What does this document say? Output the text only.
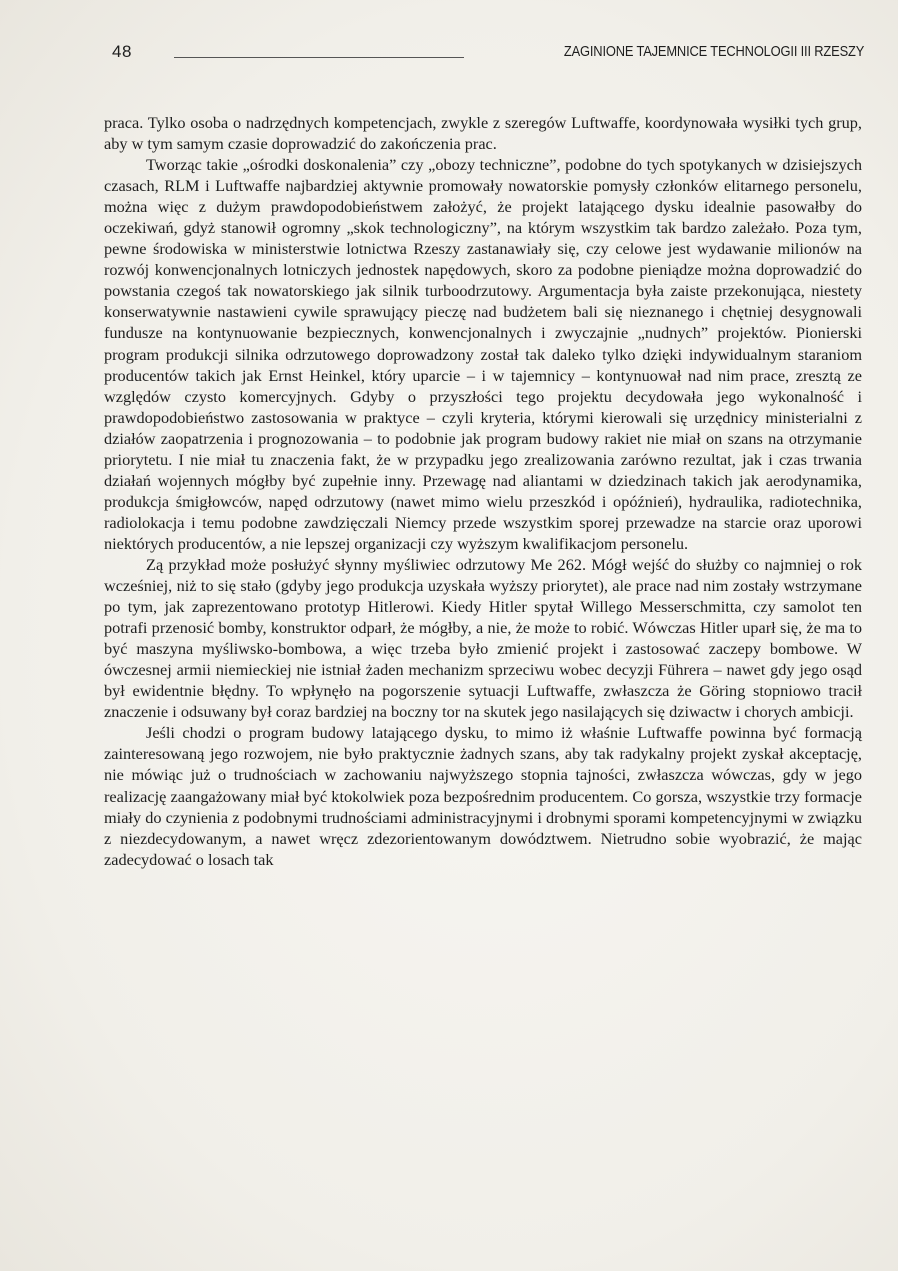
48	ZAGINIONE TAJEMNICE TECHNOLOGII III RZESZY

praca. Tylko osoba o nadrzędnych kompetencjach, zwykle z szeregów Luftwaffe, koordynowała wysiłki tych grup, aby w tym samym czasie doprowadzić do zakończenia prac.

Tworząc takie „ośrodki doskonalenia” czy „obozy techniczne”, podobne do tych spotykanych w dzisiejszych czasach, RLM i Luftwaffe najbardziej aktywnie promowały nowatorskie pomysły członków elitarnego personelu, można więc z dużym prawdopodobieństwem założyć, że projekt latającego dysku idealnie pasowałby do oczekiwań, gdyż stanowił ogromny „skok technologiczny”, na którym wszystkim tak bardzo zależało. Poza tym, pewne środowiska w ministerstwie lotnictwa Rzeszy zastanawiały się, czy celowe jest wydawanie milionów na rozwój konwencjonalnych lotniczych jednostek napędowych, skoro za podobne pieniądze można doprowadzić do powstania czegoś tak nowatorskiego jak silnik turboodrzutowy. Argumentacja była zaiste przekonująca, niestety konserwatywnie nastawieni cywile sprawujący pieczę nad budżetem bali się nieznanego i chętniej desygnowali fundusze na kontynuowanie bezpiecznych, konwencjonalnych i zwyczajnie „nudnych” projektów. Pionierski program produkcji silnika odrzutowego doprowadzony został tak daleko tylko dzięki indywidualnym staraniom producentów takich jak Ernst Heinkel, który uparcie – i w tajemnicy – kontynuował nad nim prace, zresztą ze względów czysto komercyjnych. Gdyby o przyszłości tego projektu decydowała jego wykonalność i prawdopodobieństwo zastosowania w praktyce – czyli kryteria, którymi kierowali się urzędnicy ministerialni z działów zaopatrzenia i prognozowania – to podobnie jak program budowy rakiet nie miał on szans na otrzymanie priorytetu. I nie miał tu znaczenia fakt, że w przypadku jego zrealizowania zarówno rezultat, jak i czas trwania działań wojennych mógłby być zupełnie inny. Przewagę nad aliantami w dziedzinach takich jak aerodynamika, produkcja śmigłowców, napęd odrzutowy (nawet mimo wielu przeszkód i opóźnień), hydraulika, radiotechnika, radiolokacja i temu podobne zawdzięczali Niemcy przede wszystkim sporej przewadze na starcie oraz uporowi niektórych producentów, a nie lepszej organizacji czy wyższym kwalifikacjom personelu.

Zą przykład może posłużyć słynny myśliwiec odrzutowy Me 262. Mógł wejść do służby co najmniej o rok wcześniej, niż to się stało (gdyby jego produkcja uzyskała wyższy priorytet), ale prace nad nim zostały wstrzymane po tym, jak zaprezentowano prototyp Hitlerowi. Kiedy Hitler spytał Willego Messerschmitta, czy samolot ten potrafi przenosić bomby, konstruktor odparł, że mógłby, a nie, że może to robić. Wówczas Hitler uparł się, że ma to być maszyna myśliwsko-bombowa, a więc trzeba było zmienić projekt i zastosować zaczepy bombowe. W ówczesnej armii niemieckiej nie istniał żaden mechanizm sprzeciwu wobec decyzji Führera – nawet gdy jego osąd był ewidentnie błędny. To wpłynęło na pogorszenie sytuacji Luftwaffe, zwłaszcza że Göring stopniowo tracił znaczenie i odsuwany był coraz bardziej na boczny tor na skutek jego nasilających się dziwactw i chorych ambicji.

Jeśli chodzi o program budowy latającego dysku, to mimo iż właśnie Luftwaffe powinna być formacją zainteresowaną jego rozwojem, nie było praktycznie żadnych szans, aby tak radykalny projekt zyskał akceptację, nie mówiąc już o trudnościach w zachowaniu najwyższego stopnia tajności, zwłaszcza wówczas, gdy w jego realizację zaangażowany miał być ktokolwiek poza bezpośrednim producentem. Co gorsza, wszystkie trzy formacje miały do czynienia z podobnymi trudnościami administracyjnymi i drobnymi sporami kompetencyjnymi w związku z niezdecydowanym, a nawet wręcz zdezorientowanym dowództwem. Nietrudno sobie wyobrazić, że mając zadecydować o losach tak
